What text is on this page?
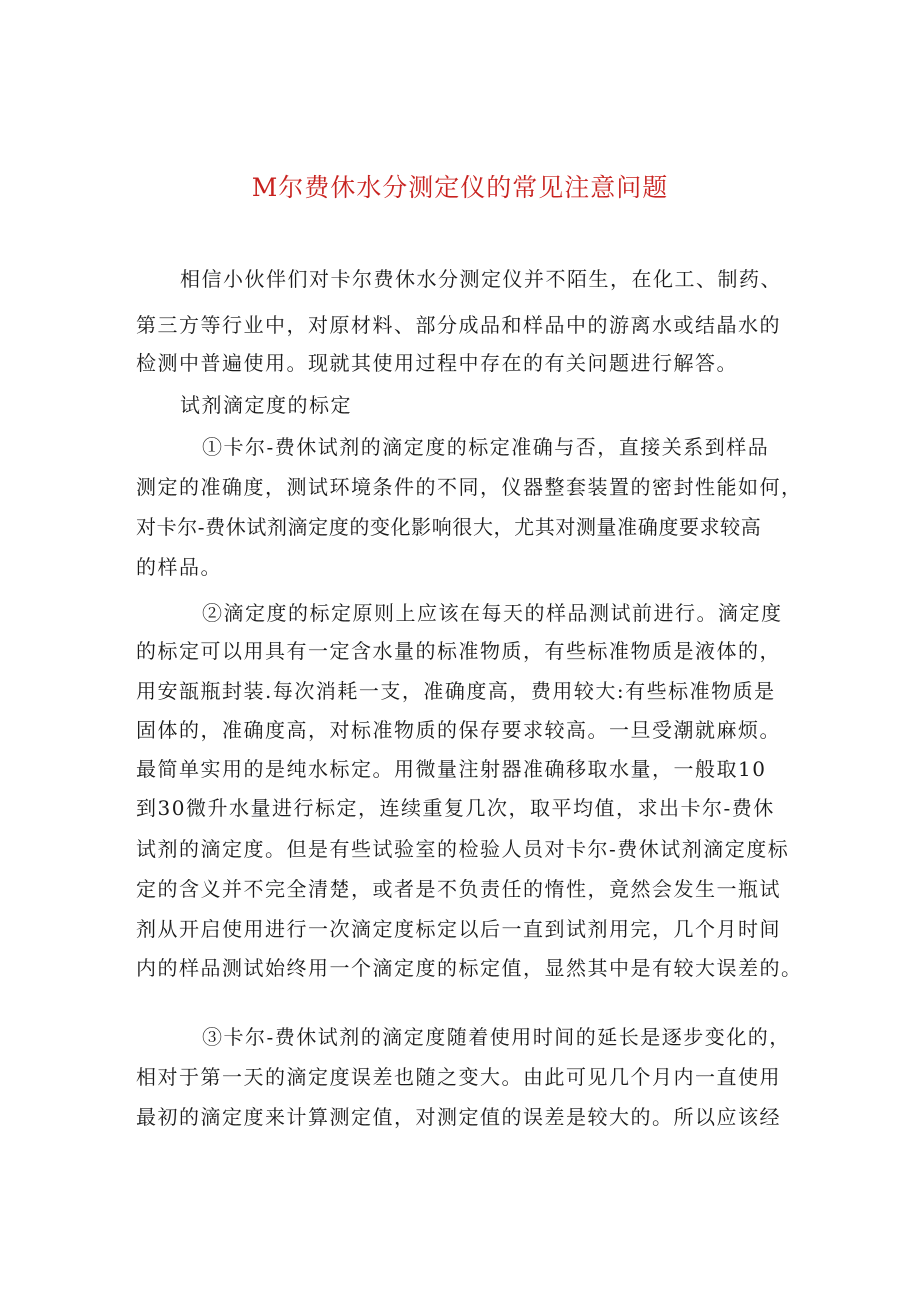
M尔费休水分测定仪的常见注意问题
相信小伙伴们对卡尔费休水分测定仪并不陌生，在化工、制药、
第三方等行业中，对原材料、部分成品和样品中的游离水或结晶水的
检测中普遍使用。现就其使用过程中存在的有关问题进行解答。
试剂滴定度的标定
①卡尔-费休试剂的滴定度的标定准确与否，直接关系到样品
测定的准确度，测试环境条件的不同，仪器整套装置的密封性能如何，
对卡尔-费休试剂滴定度的变化影响很大，尤其对测量准确度要求较高
的样品。
②滴定度的标定原则上应该在每天的样品测试前进行。滴定度
的标定可以用具有一定含水量的标准物质，有些标准物质是液体的，
用安瓿瓶封装.每次消耗一支，准确度高，费用较大:有些标准物质是
固体的，准确度高，对标准物质的保存要求较高。一旦受潮就麻烦。
最简单实用的是纯水标定。用微量注射器准确移取水量，一般取10
到30微升水量进行标定，连续重复几次，取平均值，求出卡尔-费休
试剂的滴定度。但是有些试验室的检验人员对卡尔-费休试剂滴定度标
定的含义并不完全清楚，或者是不负责任的惰性，竟然会发生一瓶试
剂从开启使用进行一次滴定度标定以后一直到试剂用完，几个月时间
内的样品测试始终用一个滴定度的标定值，显然其中是有较大误差的。
③卡尔-费休试剂的滴定度随着使用时间的延长是逐步变化的，
相对于第一天的滴定度误差也随之变大。由此可见几个月内一直使用
最初的滴定度来计算测定值，对测定值的误差是较大的。所以应该经
